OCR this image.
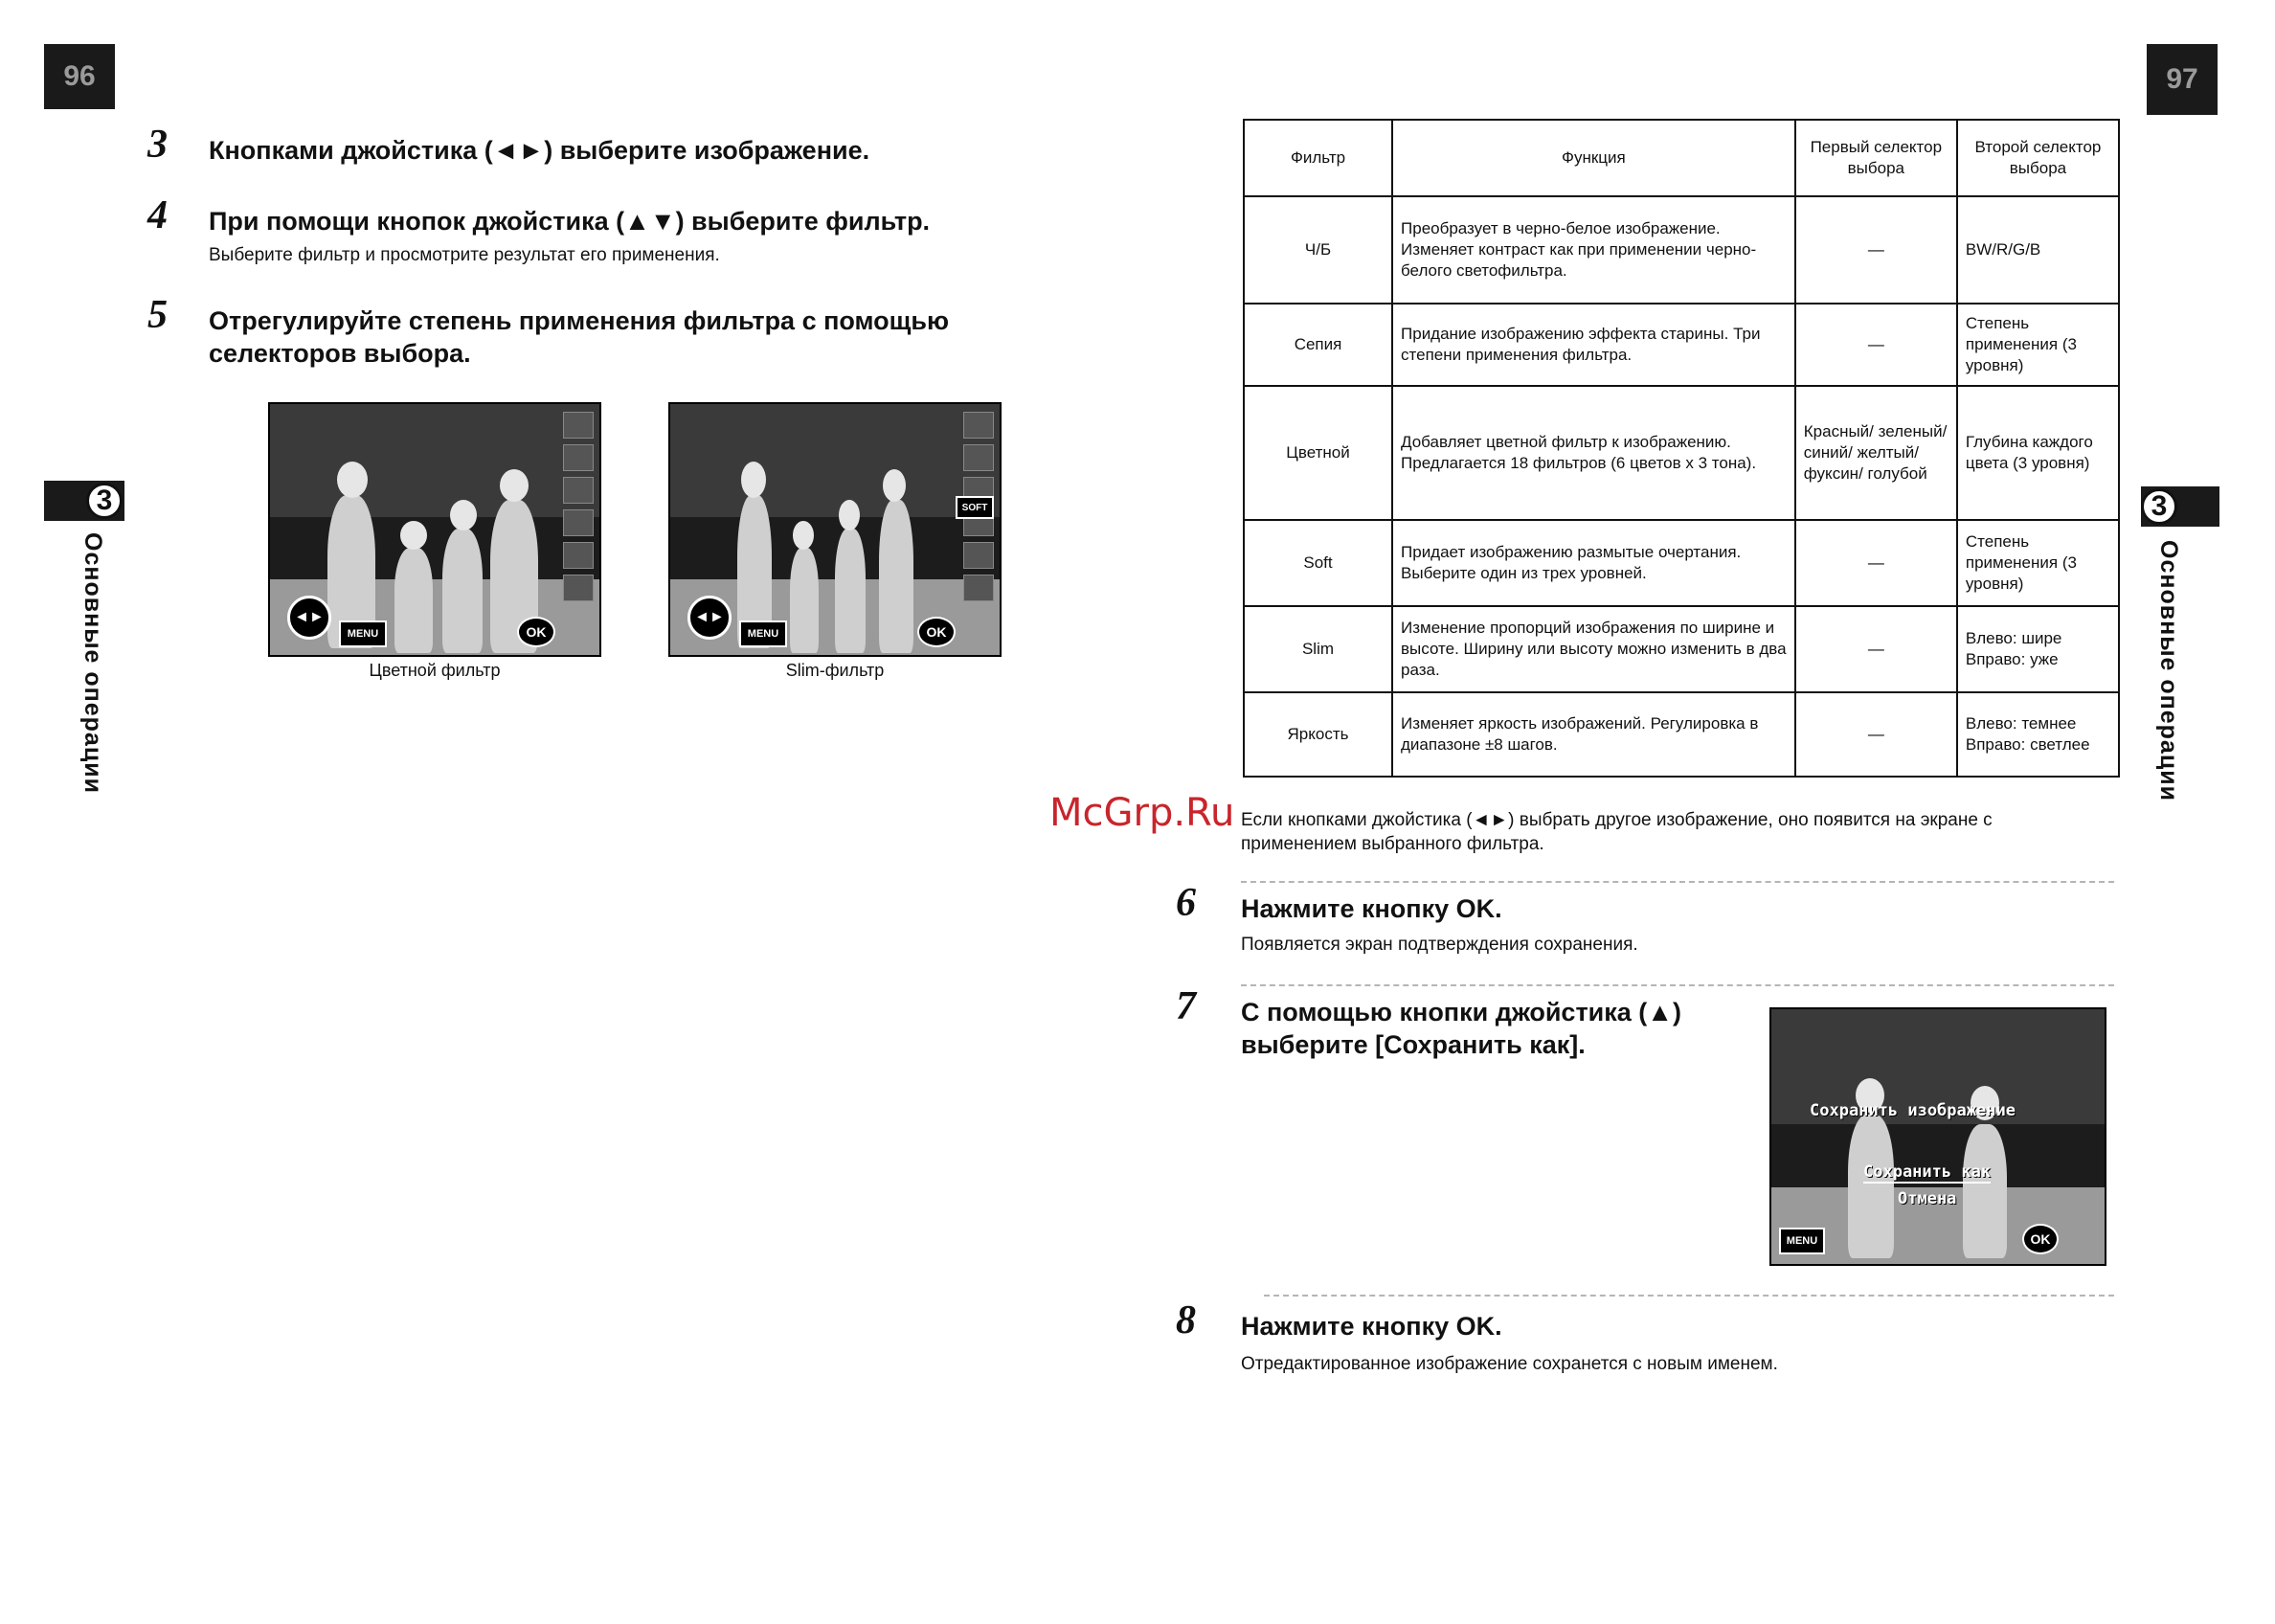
96	97
3
Основные операции
3
Основные операции
3 Кнопками джойстика (◄►) выберите изображение.
4 При помощи кнопок джойстика (▲▼) выберите фильтр.
Выберите фильтр и просмотрите результат его применения.
5 Отрегулируйте степень применения фильтра с помощью селекторов выбора.
◄►
MENU	OK
Цветной фильтр
SOFT
◄►
MENU	OK
Slim-фильтр
Фильтр	Функция	Первый селектор выбора	Второй селектор выбора
Ч/Б	Преобразует в черно-белое изображение. Изменяет контраст как при применении черно-белого светофильтра.	—	BW/R/G/B
Сепия	Придание изображению эффекта старины. Три степени применения фильтра.	—	Степень применения (3 уровня)
Цветной	Добавляет цветной фильтр к изображению. Предлагается 18 фильтров (6 цветов х 3 тона).	Красный/ зеленый/ синий/ желтый/ фуксин/ голубой	Глубина каждого цвета (3 уровня)
Soft	Придает изображению размытые очертания. Выберите один из трех уровней.	—	Степень применения (3 уровня)
Slim	Изменение пропорций изображения по ширине и высоте. Ширину или высоту можно изменить в два раза.	—	Влево: шире Вправо: уже
Яркость	Изменяет яркость изображений. Регулировка в диапазоне ±8 шагов.	—	Влево: темнее Вправо: светлее
McGrp.Ru Если кнопками джойстика (◄►) выбрать другое изображение, оно появится на экране с применением выбранного фильтра.
6 Нажмите кнопку OK.
Появляется экран подтверждения сохранения.
7 С помощью кнопки джойстика (▲) выберите [Сохранить как].
Сохранить изображение
Сохранить как
Отмена
MENU	OK
8 Нажмите кнопку OK.
Отредактированное изображение сохранется с новым именем.
